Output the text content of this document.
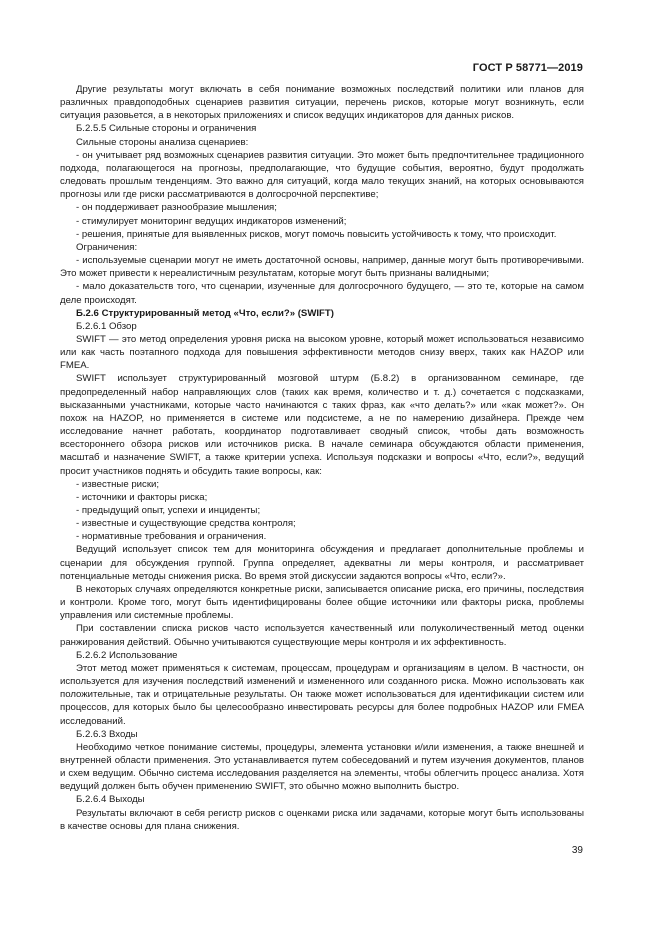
ГОСТ Р 58771—2019

Другие результаты могут включать в себя понимание возможных последствий политики или планов для различных правдоподобных сценариев развития ситуации, перечень рисков, которые могут возникнуть, если ситуация разовьется, а в некоторых приложениях и список ведущих индикаторов для данных рисков.

Б.2.5.5 Сильные стороны и ограничения

Сильные стороны анализа сценариев:

- он учитывает ряд возможных сценариев развития ситуации. Это может быть предпочтительнее традиционного подхода, полагающегося на прогнозы, предполагающие, что будущие события, вероятно, будут продолжать следовать прошлым тенденциям. Это важно для ситуаций, когда мало текущих знаний, на которых основываются прогнозы или где риски рассматриваются в долгосрочной перспективе;

- он поддерживает разнообразие мышления;

- стимулирует мониторинг ведущих индикаторов изменений;

- решения, принятые для выявленных рисков, могут помочь повысить устойчивость к тому, что происходит.

Ограничения:

- используемые сценарии могут не иметь достаточной основы, например, данные могут быть противоречивыми. Это может привести к нереалистичным результатам, которые могут быть признаны валидными;

- мало доказательств того, что сценарии, изученные для долгосрочного будущего, — это те, которые на самом деле происходят.

Б.2.6 Структурированный метод «Что, если?» (SWIFT)

Б.2.6.1 Обзор

SWIFT — это метод определения уровня риска на высоком уровне, который может использоваться независимо или как часть поэтапного подхода для повышения эффективности методов снизу вверх, таких как HAZOP или FMEA.

SWIFT использует структурированный мозговой штурм (Б.8.2) в организованном семинаре, где предопределенный набор направляющих слов (таких как время, количество и т. д.) сочетается с подсказками, высказанными участниками, которые часто начинаются с таких фраз, как «что делать?» или «как может?». Он похож на HAZOP, но применяется в системе или подсистеме, а не по намерению дизайнера. Прежде чем исследование начнет работать, координатор подготавливает сводный список, чтобы дать возможность всестороннего обзора рисков или источников риска. В начале семинара обсуждаются области применения, масштаб и назначение SWIFT, а также критерии успеха. Используя подсказки и вопросы «Что, если?», ведущий просит участников поднять и обсудить такие вопросы, как:

- известные риски;

- источники и факторы риска;

- предыдущий опыт, успехи и инциденты;

- известные и существующие средства контроля;

- нормативные требования и ограничения.

Ведущий использует список тем для мониторинга обсуждения и предлагает дополнительные проблемы и сценарии для обсуждения группой. Группа определяет, адекватны ли меры контроля, и рассматривает потенциальные методы снижения риска. Во время этой дискуссии задаются вопросы «Что, если?».

В некоторых случаях определяются конкретные риски, записывается описание риска, его причины, последствия и контроли. Кроме того, могут быть идентифицированы более общие источники или факторы риска, проблемы управления или системные проблемы.

При составлении списка рисков часто используется качественный или полуколичественный метод оценки ранжирования действий. Обычно учитываются существующие меры контроля и их эффективность.

Б.2.6.2 Использование

Этот метод может применяться к системам, процессам, процедурам и организациям в целом. В частности, он используется для изучения последствий изменений и измененного или созданного риска. Можно использовать как положительные, так и отрицательные результаты. Он также может использоваться для идентификации систем или процессов, для которых было бы целесообразно инвестировать ресурсы для более подробных HAZOP или FMEA исследований.

Б.2.6.3 Входы

Необходимо четкое понимание системы, процедуры, элемента установки и/или изменения, а также внешней и внутренней области применения. Это устанавливается путем собеседований и путем изучения документов, планов и схем ведущим. Обычно система исследования разделяется на элементы, чтобы облегчить процесс анализа. Хотя ведущий должен быть обучен применению SWIFT, это обычно можно выполнить быстро.

Б.2.6.4 Выходы

Результаты включают в себя регистр рисков с оценками риска или задачами, которые могут быть использованы в качестве основы для плана снижения.

39
